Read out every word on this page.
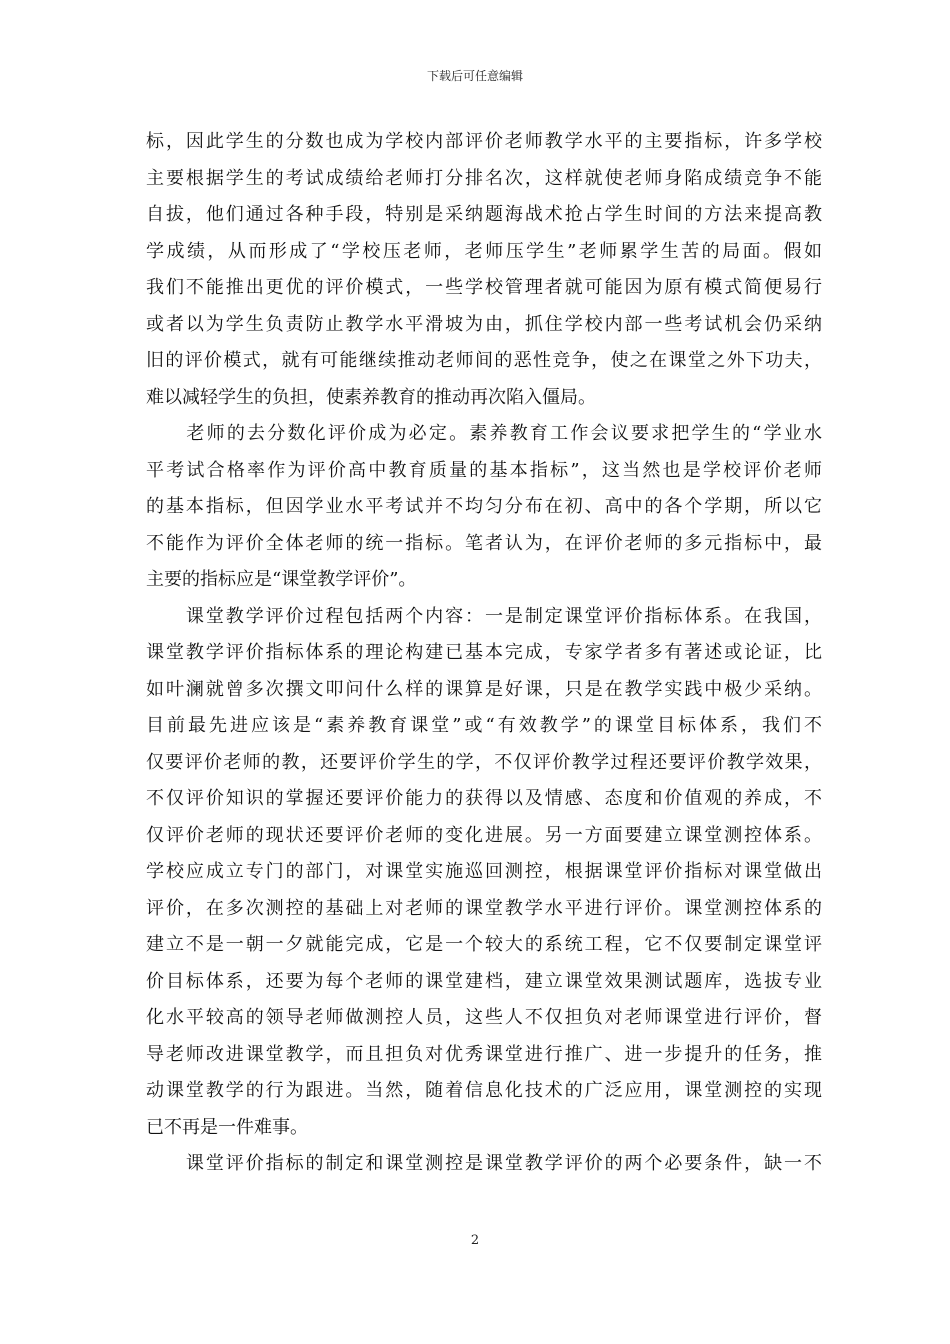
下载后可任意编辑
标，因此学生的分数也成为学校内部评价老师教学水平的主要指标，许多学校
主要根据学生的考试成绩给老师打分排名次，这样就使老师身陷成绩竞争不能
自拔，他们通过各种手段，特别是采纳题海战术抢占学生时间的方法来提高教
学成绩，从而形成了“学校压老师，老师压学生”老师累学生苦的局面。假如
我们不能推出更优的评价模式，一些学校管理者就可能因为原有模式简便易行
或者以为学生负责防止教学水平滑坡为由，抓住学校内部一些考试机会仍采纳
旧的评价模式，就有可能继续推动老师间的恶性竞争，使之在课堂之外下功夫，
难以减轻学生的负担，使素养教育的推动再次陷入僵局。
　　老师的去分数化评价成为必定。素养教育工作会议要求把学生的“学业水
平考试合格率作为评价高中教育质量的基本指标”，这当然也是学校评价老师
的基本指标，但因学业水平考试并不均匀分布在初、高中的各个学期，所以它
不能作为评价全体老师的统一指标。笔者认为，在评价老师的多元指标中，最
主要的指标应是“课堂教学评价”。
　　课堂教学评价过程包括两个内容：一是制定课堂评价指标体系。在我国，
课堂教学评价指标体系的理论构建已基本完成，专家学者多有著述或论证，比
如叶澜就曾多次撰文叩问什么样的课算是好课，只是在教学实践中极少采纳。
目前最先进应该是“素养教育课堂”或“有效教学”的课堂目标体系，我们不
仅要评价老师的教，还要评价学生的学，不仅评价教学过程还要评价教学效果，
不仅评价知识的掌握还要评价能力的获得以及情感、态度和价值观的养成，不
仅评价老师的现状还要评价老师的变化进展。另一方面要建立课堂测控体系。
学校应成立专门的部门，对课堂实施巡回测控，根据课堂评价指标对课堂做出
评价，在多次测控的基础上对老师的课堂教学水平进行评价。课堂测控体系的
建立不是一朝一夕就能完成，它是一个较大的系统工程，它不仅要制定课堂评
价目标体系，还要为每个老师的课堂建档，建立课堂效果测试题库，选拔专业
化水平较高的领导老师做测控人员，这些人不仅担负对老师课堂进行评价，督
导老师改进课堂教学，而且担负对优秀课堂进行推广、进一步提升的任务，推
动课堂教学的行为跟进。当然，随着信息化技术的广泛应用，课堂测控的实现
已不再是一件难事。
　　课堂评价指标的制定和课堂测控是课堂教学评价的两个必要条件，缺一不
2
